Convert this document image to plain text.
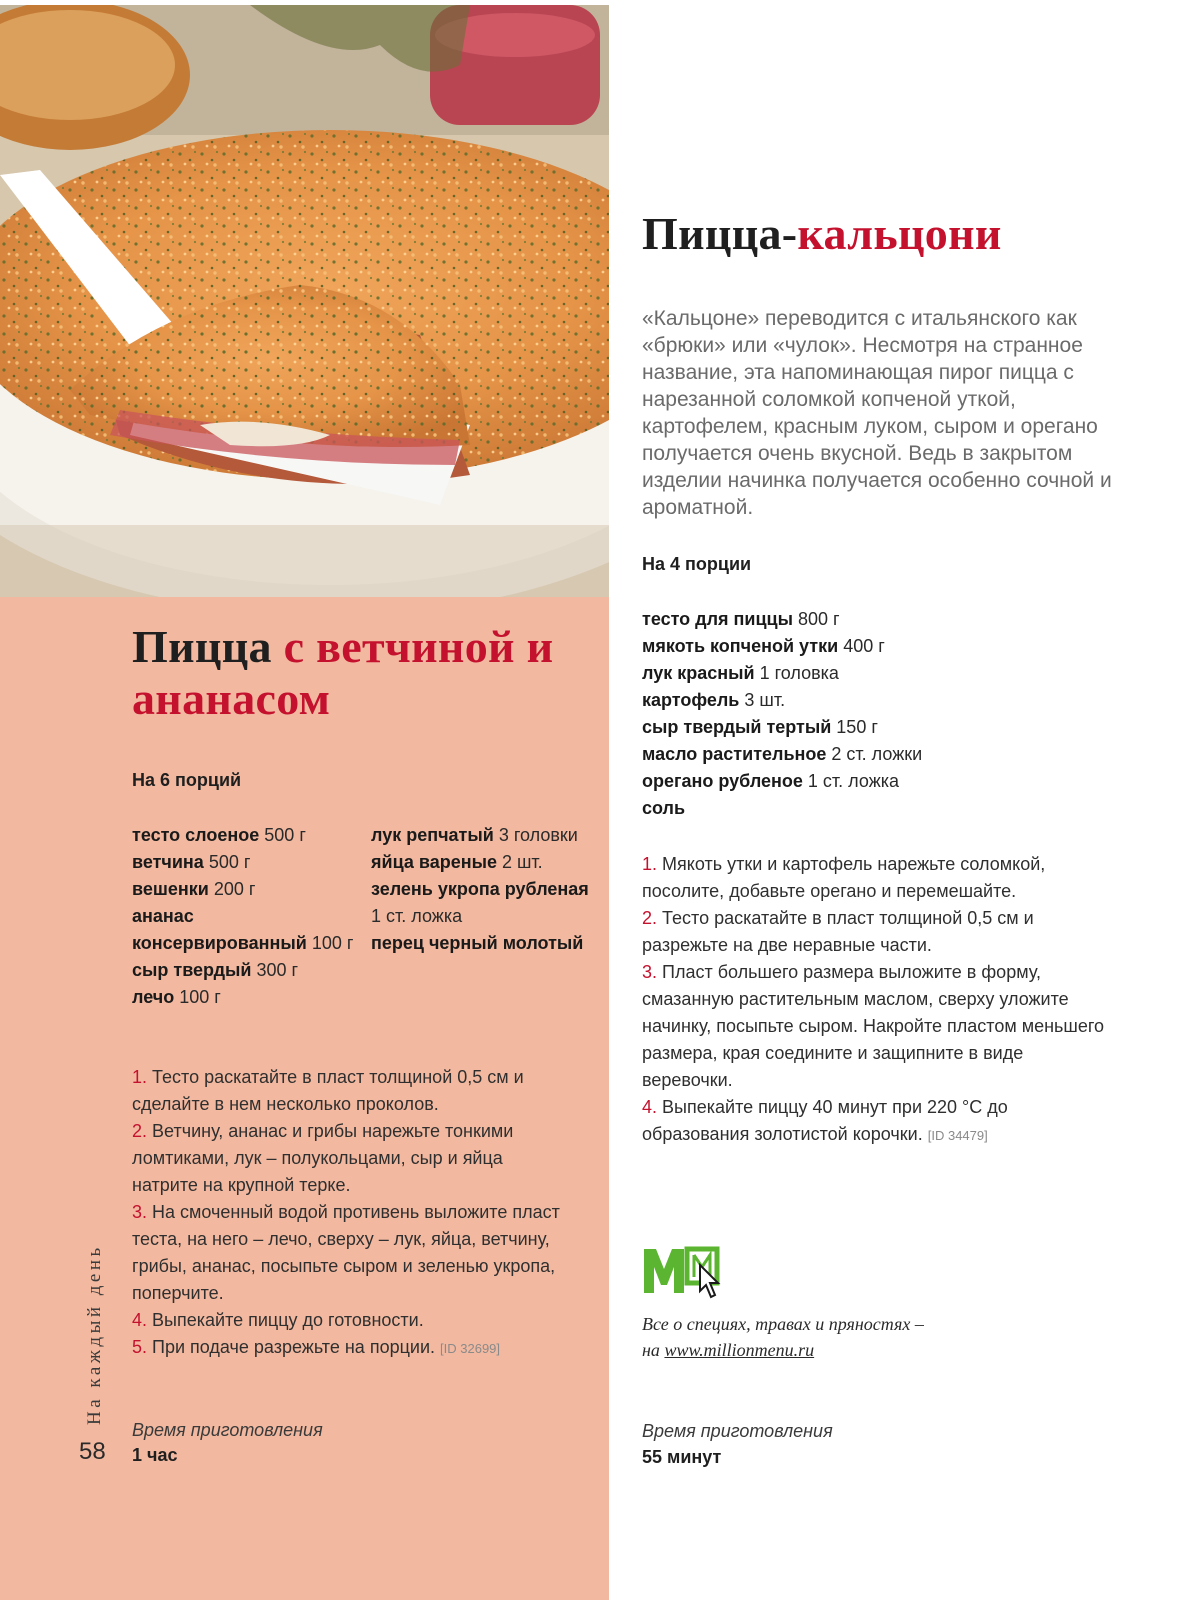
Пицца с ветчиной и ананасом
На 6 порций
тесто слоеное 500 г
ветчина 500 г
вешенки 200 г
ананас консервированный 100 г
сыр твердый 300 г
лечо 100 г
лук репчатый 3 головки
яйца вареные 2 шт.
зелень укропа рубленая 1 ст. ложка
перец черный молотый
1. Тесто раскатайте в пласт толщиной 0,5 см и сделайте в нем несколько проколов.
2. Ветчину, ананас и грибы нарежьте тонкими ломтиками, лук – полукольцами, сыр и яйца натрите на крупной терке.
3. На смоченный водой противень выложите пласт теста, на него – лечо, сверху – лук, яйца, ветчину, грибы, ананас, посыпьте сыром и зеленью укропа, поперчите.
4. Выпекайте пиццу до готовности.
5. При подаче разрежьте на порции. [ID 32699]
Время приготовления
1 час
На каждый день
58
Пицца-кальцони

«Кальцоне» переводится с итальянского как «брюки» или «чулок». Несмотря на странное название, эта напоминающая пирог пицца с нарезанной соломкой копченой уткой, картофелем, красным луком, сыром и орегано получается очень вкусной. Ведь в закрытом изделии начинка получается особенно сочной и ароматной.

На 4 порции
тесто для пиццы 800 г
мякоть копченой утки 400 г
лук красный 1 головка
картофель 3 шт.
сыр твердый тертый 150 г
масло растительное 2 ст. ложки
орегано рубленое 1 ст. ложка
соль
1. Мякоть утки и картофель нарежьте соломкой, посолите, добавьте орегано и перемешайте.
2. Тесто раскатайте в пласт толщиной 0,5 см и разрежьте на две неравные части.
3. Пласт большего размера выложите в форму, смазанную растительным маслом, сверху уложите начинку, посыпьте сыром. Накройте пластом меньшего размера, края соедините и защипните в виде веревочки.
4. Выпекайте пиццу 40 минут при 220 °С до образования золотистой корочки. [ID 34479]
Все о специях, травах и пряностях –
на www.millionmenu.ru
Время приготовления
55 минут
